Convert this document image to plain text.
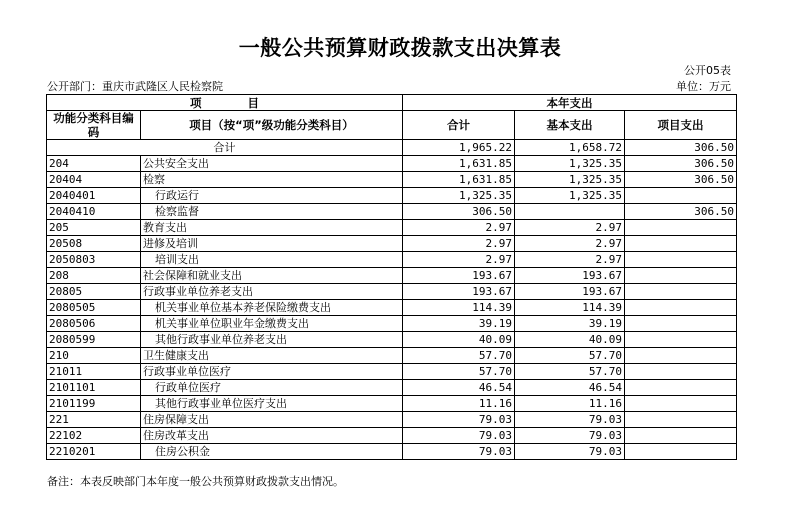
一般公共预算财政拨款支出决算表
公开05表
公开部门：重庆市武隆区人民检察院	单位：万元
项　　　　目		本年支出		
功能分类科目编码	项目（按“项”级功能分类科目）	合计	基本支出	项目支出
合计		1,965.22	1,658.72	306.50
204	公共安全支出	1,631.85	1,325.35	306.50
20404	检察	1,631.85	1,325.35	306.50
2040401	行政运行	1,325.35	1,325.35	
2040410	检察监督	306.50		306.50
205	教育支出	2.97	2.97	
20508	进修及培训	2.97	2.97	
2050803	培训支出	2.97	2.97	
208	社会保障和就业支出	193.67	193.67	
20805	行政事业单位养老支出	193.67	193.67	
2080505	机关事业单位基本养老保险缴费支出	114.39	114.39	
2080506	机关事业单位职业年金缴费支出	39.19	39.19	
2080599	其他行政事业单位养老支出	40.09	40.09	
210	卫生健康支出	57.70	57.70	
21011	行政事业单位医疗	57.70	57.70	
2101101	行政单位医疗	46.54	46.54	
2101199	其他行政事业单位医疗支出	11.16	11.16	
221	住房保障支出	79.03	79.03	
22102	住房改革支出	79.03	79.03	
2210201	住房公积金	79.03	79.03	
备注：本表反映部门本年度一般公共预算财政拨款支出情况。
